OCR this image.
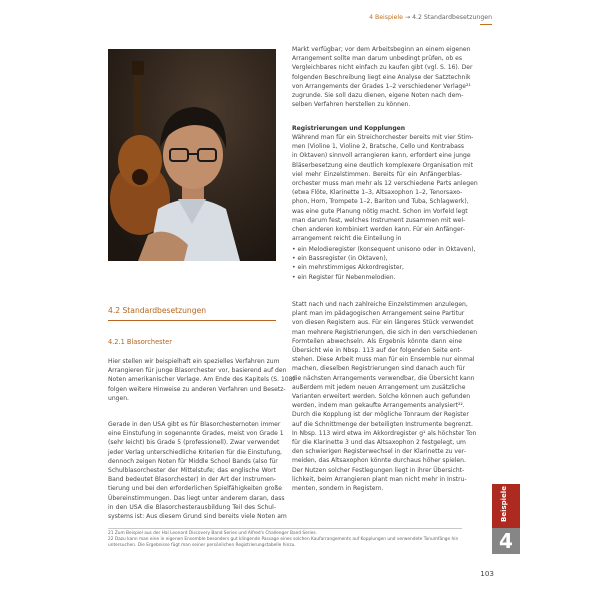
4 Beispiele → 4.2 Standardbesetzungen
4.2 Standardbesetzungen
4.2.1 Blasorchester
Hier stellen wir beispielhaft ein spezielles Verfahren zum
Arrangieren für junge Blasorchester vor, basierend auf den
Noten amerikanischer Verlage. Am Ende des Kapitels (S. 108)
folgen weitere Hinweise zu anderen Verfahren und Besetz-
ungen.
Gerade in den USA gibt es für Blasorchesternoten immer
eine Einstufung in sogenannte Grades, meist von Grade 1
(sehr leicht) bis Grade 5 (professionell). Zwar verwendet
jeder Verlag unterschiedliche Kriterien für die Einstufung,
dennoch zeigen Noten für Middle School Bands (also für
Schulblasorchester der Mittelstufe; das englische Wort
Band bedeutet Blasorchester) in der Art der Instrumen-
tierung und bei den erforderlichen Spielfähigkeiten große
Übereinstimmungen. Das liegt unter anderem daran, dass
in den USA die Blasorchesterausbildung Teil des Schul-
systems ist: Aus diesem Grund sind bereits viele Noten am
Markt verfügbar; vor dem Arbeitsbeginn an einem eigenen
Arrangement sollte man darum unbedingt prüfen, ob es
Vergleichbares nicht einfach zu kaufen gibt (vgl. S. 16). Der
folgenden Beschreibung liegt eine Analyse der Satztechnik
von Arrangements der Grades 1–2 verschiedener Verlage²¹
zugrunde. Sie soll dazu dienen, eigene Noten nach dem-
selben Verfahren herstellen zu können.
Registrierungen und Kopplungen
Während man für ein Streichorchester bereits mit vier Stim-
men (Violine 1, Violine 2, Bratsche, Cello und Kontrabass
in Oktaven) sinnvoll arrangieren kann, erfordert eine junge
Bläserbesetzung eine deutlich komplexere Organisation mit
viel mehr Einzelstimmen. Bereits für ein Anfängerblas-
orchester muss man mehr als 12 verschiedene Parts anlegen
(etwa Flöte, Klarinette 1–3, Altsaxophon 1–2, Tenorsaxo-
phon, Horn, Trompete 1–2, Bariton und Tuba, Schlagwerk),
was eine gute Planung nötig macht. Schon im Vorfeld legt
man darum fest, welches Instrument zusammen mit wel-
chen anderen kombiniert werden kann. Für ein Anfänger-
arrangement reicht die Einteilung in
• ein Melodieregister (konsequent unisono oder in Oktaven),
• ein Bassregister (in Oktaven),
• ein mehrstimmiges Akkordregister,
• ein Register für Nebenmelodien.
Statt nach und nach zahlreiche Einzelstimmen anzulegen,
plant man im pädagogischen Arrangement seine Partitur
von diesen Registern aus. Für ein längeres Stück verwendet
man mehrere Registrierungen, die sich in den verschiedenen
Formteilen abwechseln. Als Ergebnis könnte dann eine
Übersicht wie in Nbsp. 113 auf der folgenden Seite ent-
stehen. Diese Arbeit muss man für ein Ensemble nur einmal
machen, dieselben Registrierungen sind danach auch für
die nächsten Arrangements verwendbar, die Übersicht kann
außerdem mit jedem neuen Arrangement um zusätzliche
Varianten erweitert werden. Solche können auch gefunden
werden, indem man gekaufte Arrangements analysiert²².
Durch die Kopplung ist der mögliche Tonraum der Register
auf die Schnittmenge der beteiligten Instrumente begrenzt.
In Nbsp. 113 wird etwa im Akkordregister g¹ als höchster Ton
für die Klarinette 3 und das Altsaxophon 2 festgelegt, um
den schwierigen Registerwechsel in der Klarinette zu ver-
meiden, das Altsaxophon könnte durchaus höher spielen.
Der Nutzen solcher Festlegungen liegt in ihrer Übersicht-
lichkeit, beim Arrangieren plant man nicht mehr in Instru-
menten, sondern in Registern.
21 Zum Beispiel aus der Hal Leonard Discovery Band Series und Alfred's Challenger Band Series.
22 Dazu kann man eine in eigenen Ensemble besonders gut klingende Passage eines solchen Kaufarrangements auf Kopplungen und verwendete Tonumfänge hin
untersuchen. Die Ergebnisse fügt man seiner persönlichen Registrierungstabelle hinzu.
Beispiele
4
103
